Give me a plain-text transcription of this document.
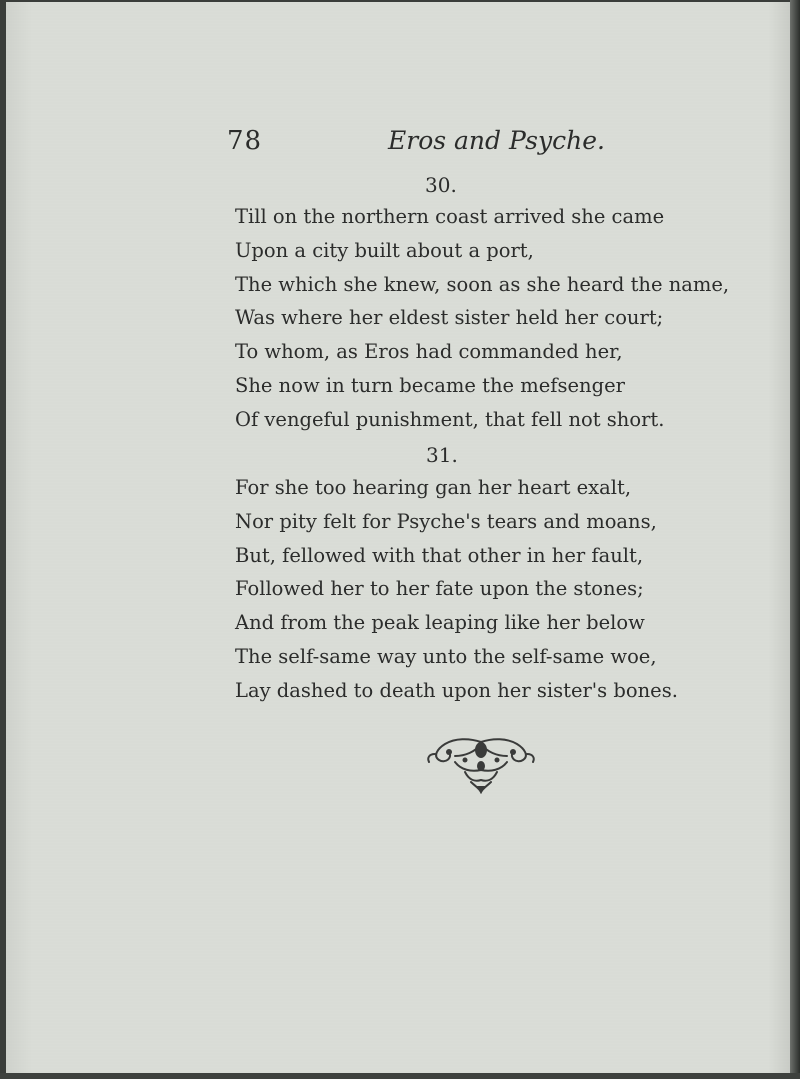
78	Eros and Psyche.
30.
Till on the northern coast arrived she came
Upon a city built about a port,
The which she knew, soon as she heard the name,
Was where her eldest sister held her court;
To whom, as Eros had commanded her,
She now in turn became the mefsenger
Of vengeful punishment, that fell not short.
31.
For she too hearing gan her heart exalt,
Nor pity felt for Psyche's tears and moans,
But, fellowed with that other in her fault,
Followed her to her fate upon the stones;
And from the peak leaping like her below
The self-same way unto the self-same woe,
Lay dashed to death upon her sister's bones.
